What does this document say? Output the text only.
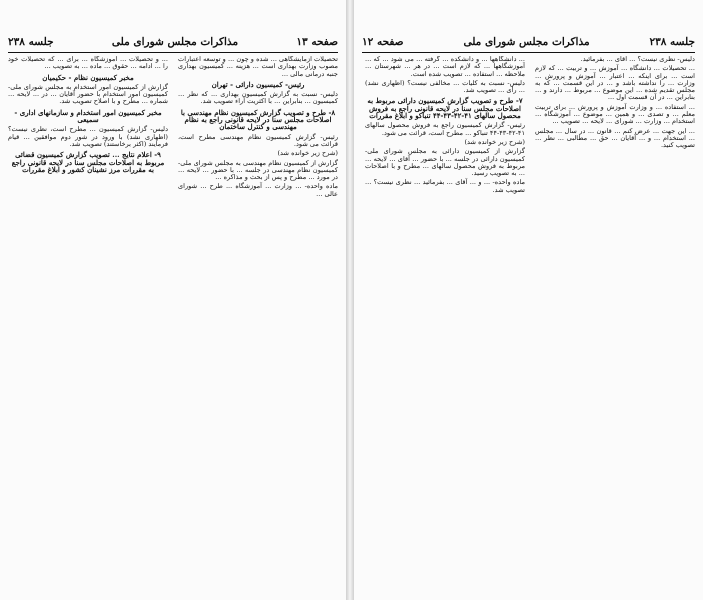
صفحه ۱۳
مذاکرات مجلس شورای ملی
جلسه ۲۳۸

تحصیلات آزمایشگاهی ... شده و چون ... و توسعه اعتبارات مصوب وزارت بهداری است ... هزینه ... کمیسیون بهداری جنبه درمانی مالی ...

رئیس- کمیسیون دارائی - تهران

دلیس- نسبت به گزارش کمیسیون بهداری ... که نظر ... کمیسیون ... بنابراین ... با اکثریت آراء تصویب شد.

۸- طرح و تصویب گزارش کمیسیون نظام مهندسی با اصلاحات مجلس سنا در لایحه قانونی راجع به نظام مهندسی و کنترل ساختمان

رئیس- گزارش کمیسیون نظام مهندسی مطرح است، قرائت می شود.

(شرح زیر خوانده شد)

گزارش از کمیسیون نظام مهندسی به مجلس شورای ملی- کمیسیون نظام مهندسی در جلسه ... با حضور ... لایحه ... در مورد ... مطرح و پس از بحث و مذاکره ...

ماده واحده- ... وزارت ... آموزشگاه ... طرح ... شورای عالی ...

... و تحصیلات ... آموزشگاه ... برای ... که تحصیلات خود را ... ادامه ... حقوق ... ماده ... به تصویب ...

مخبر کمیسیون نظام - حکیمیان

گزارش از کمیسیون امور استخدام به مجلس شورای ملی- کمیسیون امور استخدام با حضور آقایان ... در ... لایحه ... شماره ... مطرح و با اصلاح تصویب شد.

مخبر کمیسیون امور استخدام و سازمانهای اداری - سمیعی

دلیس- گزارش کمیسیون ... مطرح است، نظری نیست؟ (اظهاری نشد) با ورود در شور دوم موافقین ... قیام فرمایند (اکثر برخاستند) تصویب شد.

۹- اعلام نتایج ... تصویب گزارش کمیسیون قضائی مربوط به اصلاحات مجلس سنا در لایحه قانونی راجع به مقررات مرز نشینان کشور و ابلاغ مقررات

جلسه ۲۳۸
مذاکرات مجلس شورای ملی
صفحه ۱۲

دلیس- نظری نیست؟ ... آقای ... بفرمائید.

... تحصیلات ... دانشگاه ... آموزش ... و تربیت ... که لازم است ... برای اینکه ... اعتبار ... آموزش و پرورش ... وزارت ... را نداشته باشد و ... در این قسمت ... که به مجلس تقدیم شده ... این موضوع ... مربوط ... دارند و ... بنابراین ... در آن قسمت اول ...

... استفاده ... و وزارت آموزش و پرورش ... برای تربیت معلم ... و تصدی ... و همین ... موضوع ... آموزشگاه ... استخدام ... وزارت ... شورای ... لایحه ... تصویب ...

... این جهت ... عرض کنم ... قانون ... در سال ... مجلس ... استخدام ... و ... آقایان ... حق ... مطالبی ... نظر ... تصویب کنید.

... دانشگاهها ... و دانشکده ... گرفته ... می شود ... که ... آموزشگاهها ... که لازم است ... در هر ... شهرستان ... ملاحظه ... استفاده ... تصویب شده است.

دلیس- نسبت به کلیات ... مخالفی نیست؟ (اظهاری نشد) ... رأی ... تصویب شد.

۷- طرح و تصویب گزارش کمیسیون دارائی مربوط به اصلاحات مجلس سنا در لایحه قانونی راجع به فروش محصول سالهای ۴۱-۴۲-۴۳-۴۴ تنباکو و ابلاغ مقررات

رئیس- گزارش کمیسیون راجع به فروش محصول سالهای ۴۱-۴۲-۴۳-۴۴ تنباکو ... مطرح است، قرائت می شود.

(شرح زیر خوانده شد)

گزارش از کمیسیون دارائی به مجلس شورای ملی- کمیسیون دارائی در جلسه ... با حضور ... آقای ... لایحه ... مربوط به فروش محصول سالهای ... مطرح و با اصلاحات ... به تصویب رسید.

ماده واحده- ... و ... آقای ... بفرمائید ... نظری نیست؟ ... تصویب شد.
